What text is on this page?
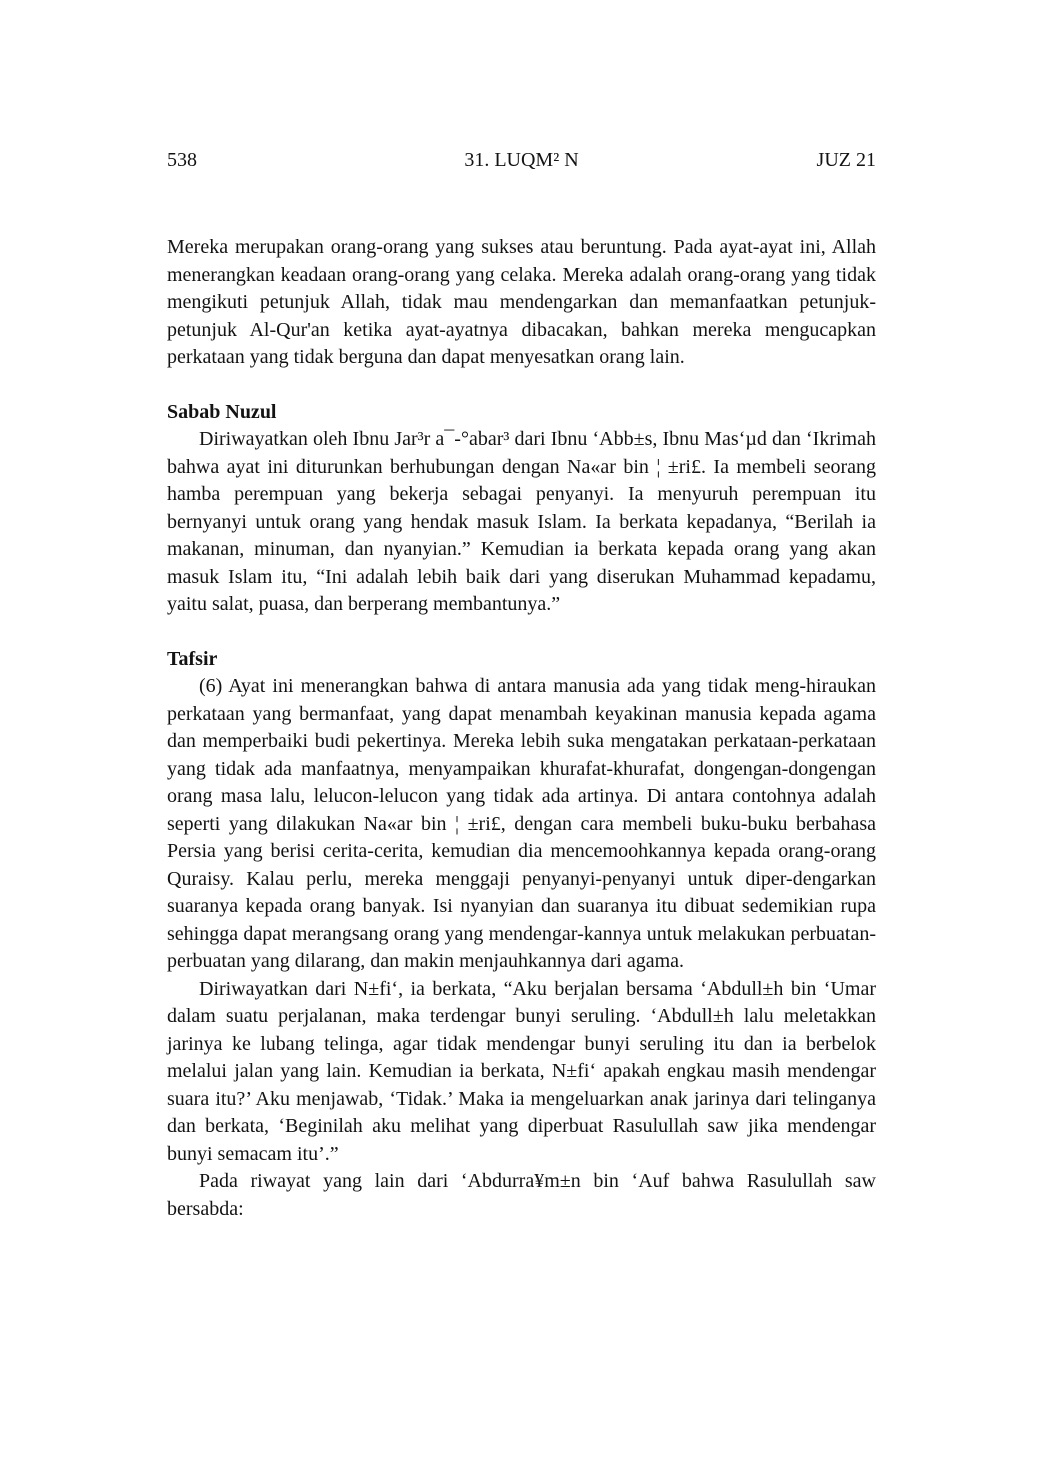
538	31. LUQM² N	JUZ 21

Mereka merupakan orang-orang yang sukses atau beruntung. Pada ayat-ayat ini, Allah menerangkan keadaan orang-orang yang celaka. Mereka adalah orang-orang yang tidak mengikuti petunjuk Allah, tidak mau mendengarkan dan memanfaatkan petunjuk-petunjuk Al-Qur'an ketika ayat-ayatnya dibacakan, bahkan mereka mengucapkan perkataan yang tidak berguna dan dapat menyesatkan orang lain.

Sabab Nuzul

Diriwayatkan oleh Ibnu Jar³r a¯-°abar³ dari Ibnu ‘Abb±s, Ibnu Mas‘µd dan ‘Ikrimah bahwa ayat ini diturunkan berhubungan dengan Na«ar bin ¦ ±ri£. Ia membeli seorang hamba perempuan yang bekerja sebagai penyanyi. Ia menyuruh perempuan itu bernyanyi untuk orang yang hendak masuk Islam. Ia berkata kepadanya, “Berilah ia makanan, minuman, dan nyanyian.” Kemudian ia berkata kepada orang yang akan masuk Islam itu, “Ini adalah lebih baik dari yang diserukan Muhammad kepadamu, yaitu salat, puasa, dan berperang membantunya.”

Tafsir

(6) Ayat ini menerangkan bahwa di antara manusia ada yang tidak meng-hiraukan perkataan yang bermanfaat, yang dapat menambah keyakinan manusia kepada agama dan memperbaiki budi pekertinya. Mereka lebih suka mengatakan perkataan-perkataan yang tidak ada manfaatnya, menyampaikan khurafat-khurafat, dongengan-dongengan orang masa lalu, lelucon-lelucon yang tidak ada artinya. Di antara contohnya adalah seperti yang dilakukan Na«ar bin ¦ ±ri£, dengan cara membeli buku-buku berbahasa Persia yang berisi cerita-cerita, kemudian dia mencemoohkannya kepada orang-orang Quraisy. Kalau perlu, mereka menggaji penyanyi-penyanyi untuk diper-dengarkan suaranya kepada orang banyak. Isi nyanyian dan suaranya itu dibuat sedemikian rupa sehingga dapat merangsang orang yang mendengar-kannya untuk melakukan perbuatan-perbuatan yang dilarang, dan makin menjauhkannya dari agama.

Diriwayatkan dari N±fi‘, ia berkata, “Aku berjalan bersama ‘Abdull±h bin ‘Umar dalam suatu perjalanan, maka terdengar bunyi seruling. ‘Abdull±h lalu meletakkan jarinya ke lubang telinga, agar tidak mendengar bunyi seruling itu dan ia berbelok melalui jalan yang lain. Kemudian ia berkata, N±fi‘ apakah engkau masih mendengar suara itu?’ Aku menjawab, ‘Tidak.’ Maka ia mengeluarkan anak jarinya dari telinganya dan berkata, ‘Beginilah aku melihat yang diperbuat Rasulullah saw jika mendengar bunyi semacam itu’.”

Pada riwayat yang lain dari ‘Abdurra¥m±n bin ‘Auf bahwa Rasulullah saw bersabda:
